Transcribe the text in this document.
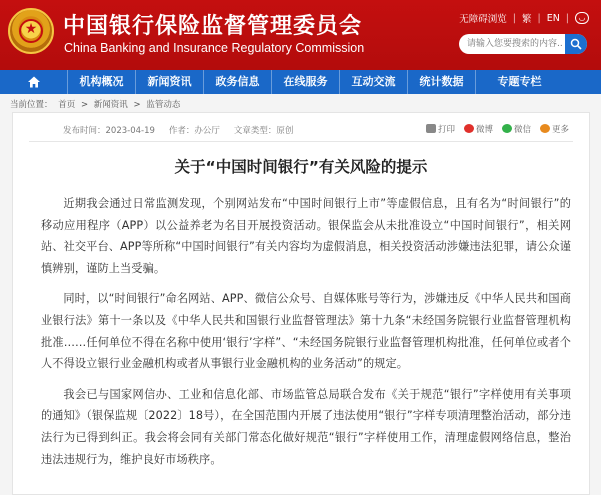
★	中国银行保险监督管理委员会
China Banking and Insurance Regulatory Commission
无障碍浏览 | 繁 | EN |	◡
请输入您要搜索的内容...
机构概况	新闻资讯	政务信息	在线服务	互动交流	统计数据	专题专栏
当前位置： 首页 > 新闻资讯 > 监管动态
发布时间：2023-04-19 作者：办公厅 文章类型：原创	打印	微博	微信	更多
关于“中国时间银行”有关风险的提示

近期我会通过日常监测发现，个别网站发布“中国时间银行上市”等虚假信息，且有名为“时间银行”的移动应用程序（APP）以公益养老为名目开展投资活动。银保监会从未批准设立“中国时间银行”，相关网站、社交平台、APP等所称“中国时间银行”有关内容均为虚假消息，相关投资活动涉嫌违法犯罪，请公众谨慎辨别，谨防上当受骗。

同时，以“时间银行”命名网站、APP、微信公众号、自媒体账号等行为，涉嫌违反《中华人民共和国商业银行法》第十一条以及《中华人民共和国银行业监督管理法》第十九条“未经国务院银行业监督管理机构批准……任何单位不得在名称中使用‘银行’字样”、“未经国务院银行业监督管理机构批准，任何单位或者个人不得设立银行业金融机构或者从事银行业金融机构的业务活动”的规定。

我会已与国家网信办、工业和信息化部、市场监管总局联合发布《关于规范“银行”字样使用有关事项的通知》（银保监规〔2022〕18号），在全国范围内开展了违法使用“银行”字样专项清理整治活动，部分违法行为已得到纠正。我会将会同有关部门常态化做好规范“银行”字样使用工作，清理虚假网络信息，整治违法违规行为，维护良好市场秩序。
